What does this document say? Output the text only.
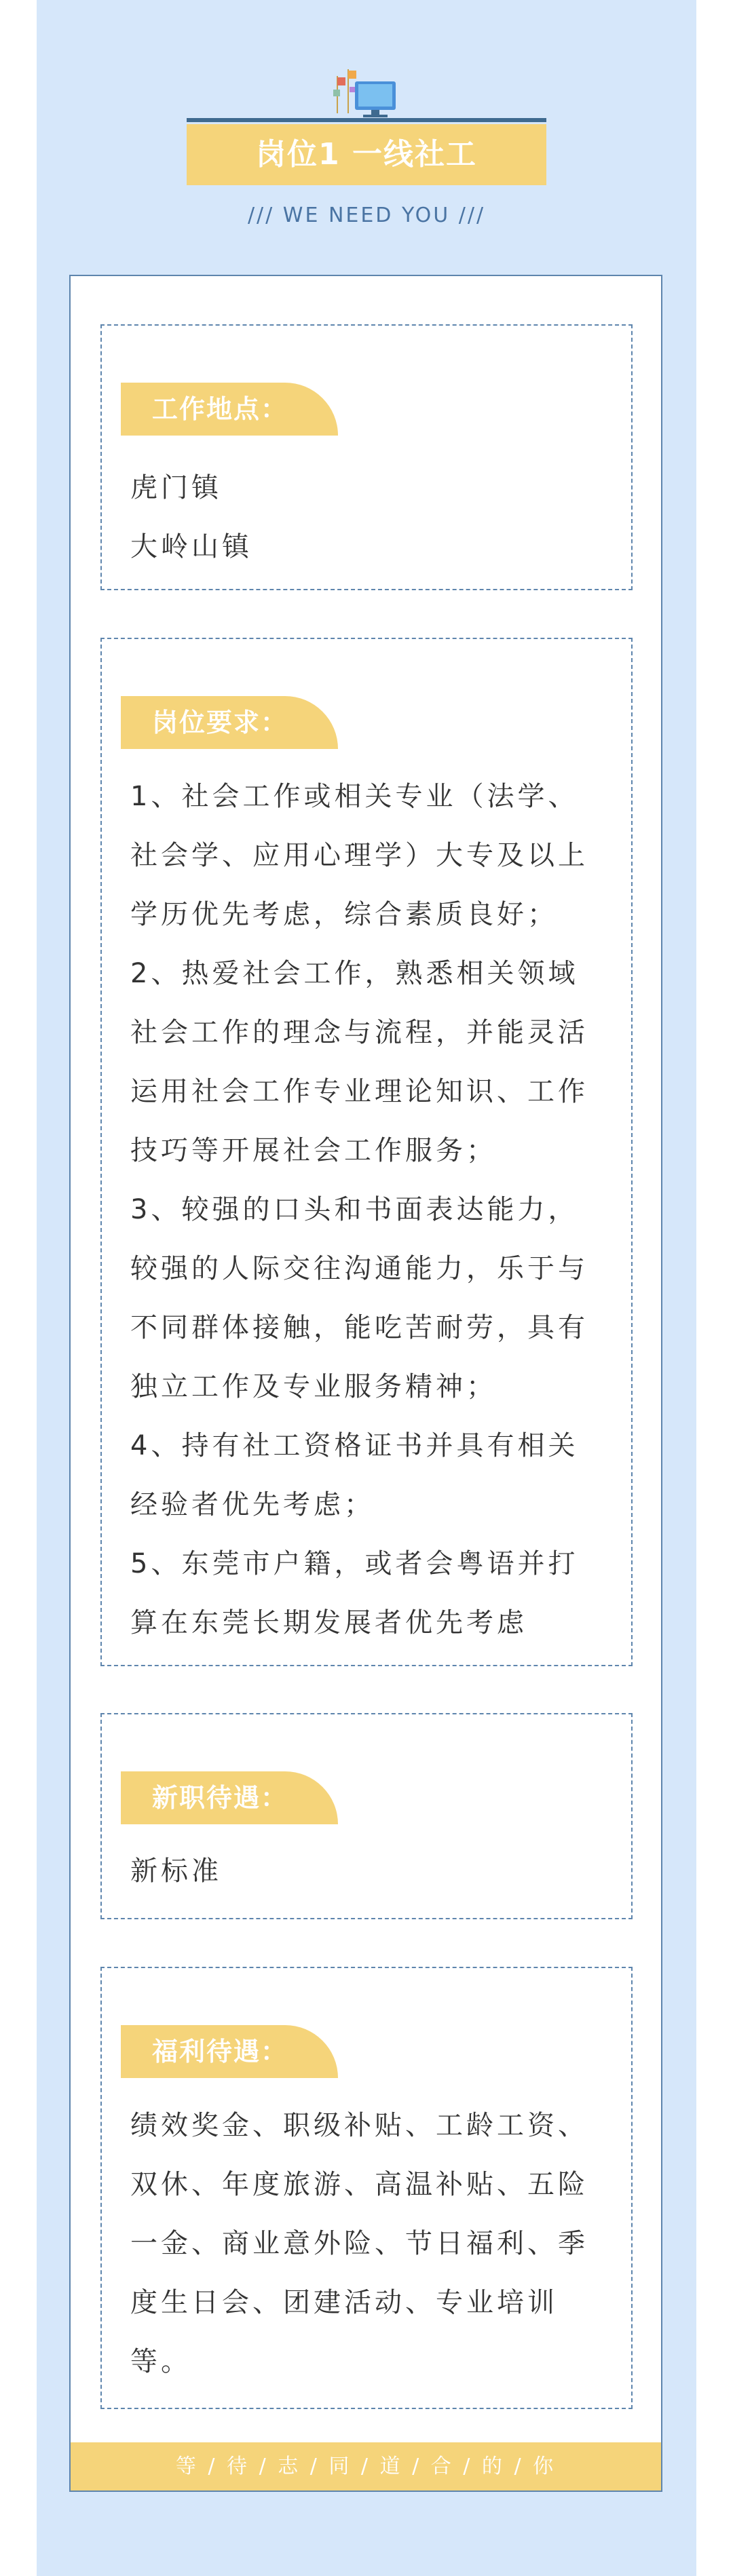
岗位1 一线社工
/// WE NEED YOU ///
工作地点：
虎门镇
大岭山镇
岗位要求：
1、社会工作或相关专业（法学、
社会学、应用心理学）大专及以上
学历优先考虑，综合素质良好；
2、热爱社会工作，熟悉相关领域
社会工作的理念与流程，并能灵活
运用社会工作专业理论知识、工作
技巧等开展社会工作服务；
3、较强的口头和书面表达能力，
较强的人际交往沟通能力，乐于与
不同群体接触，能吃苦耐劳，具有
独立工作及专业服务精神；
4、持有社工资格证书并具有相关
经验者优先考虑；
5、东莞市户籍，或者会粤语并打
算在东莞长期发展者优先考虑
新职待遇：
新标准
福利待遇：
绩效奖金、职级补贴、工龄工资、
双休、年度旅游、高温补贴、五险
一金、商业意外险、节日福利、季
度生日会、团建活动、专业培训
等。
等 / 待 / 志 / 同 / 道 / 合 / 的 / 你
